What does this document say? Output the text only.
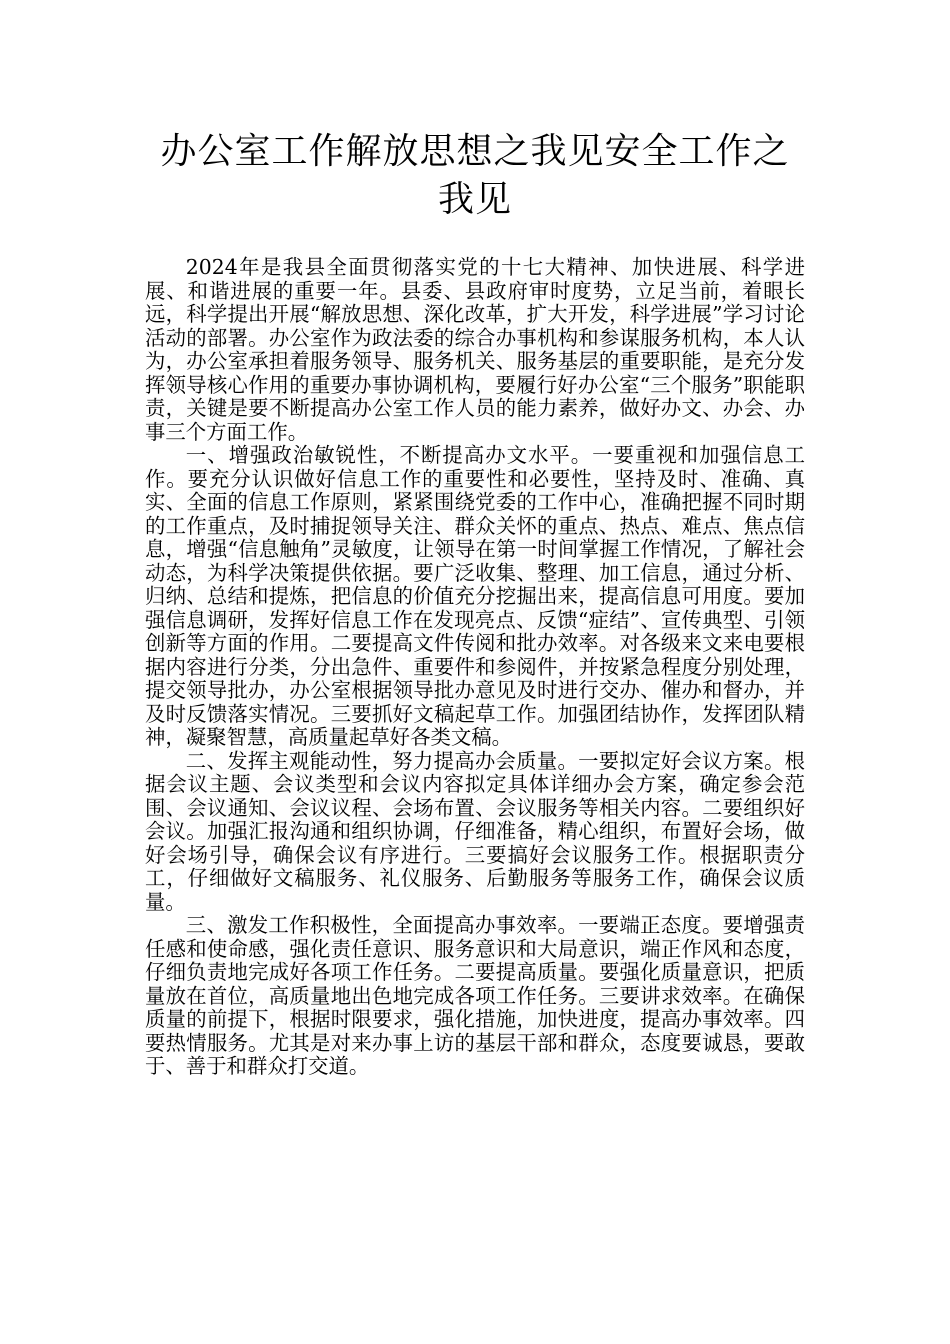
办公室工作解放思想之我见安全工作之我见

2024年是我县全面贯彻落实党的十七大精神、加快进展、科学进展、和谐进展的重要一年。县委、县政府审时度势，立足当前，着眼长远，科学提出开展“解放思想、深化改革，扩大开发，科学进展”学习讨论活动的部署。办公室作为政法委的综合办事机构和参谋服务机构，本人认为，办公室承担着服务领导、服务机关、服务基层的重要职能，是充分发挥领导核心作用的重要办事协调机构，要履行好办公室“三个服务”职能职责，关键是要不断提高办公室工作人员的能力素养，做好办文、办会、办事三个方面工作。

一、增强政治敏锐性，不断提高办文水平。一要重视和加强信息工作。要充分认识做好信息工作的重要性和必要性，坚持及时、准确、真实、全面的信息工作原则，紧紧围绕党委的工作中心，准确把握不同时期的工作重点，及时捕捉领导关注、群众关怀的重点、热点、难点、焦点信息，增强“信息触角”灵敏度，让领导在第一时间掌握工作情况，了解社会动态，为科学决策提供依据。要广泛收集、整理、加工信息，通过分析、归纳、总结和提炼，把信息的价值充分挖掘出来，提高信息可用度。要加强信息调研，发挥好信息工作在发现亮点、反馈“症结”、宣传典型、引领创新等方面的作用。二要提高文件传阅和批办效率。对各级来文来电要根据内容进行分类，分出急件、重要件和参阅件，并按紧急程度分别处理，提交领导批办，办公室根据领导批办意见及时进行交办、催办和督办，并及时反馈落实情况。三要抓好文稿起草工作。加强团结协作，发挥团队精神，凝聚智慧，高质量起草好各类文稿。

二、发挥主观能动性，努力提高办会质量。一要拟定好会议方案。根据会议主题、会议类型和会议内容拟定具体详细办会方案，确定参会范围、会议通知、会议议程、会场布置、会议服务等相关内容。二要组织好会议。加强汇报沟通和组织协调，仔细准备，精心组织，布置好会场，做好会场引导，确保会议有序进行。三要搞好会议服务工作。根据职责分工，仔细做好文稿服务、礼仪服务、后勤服务等服务工作，确保会议质量。

三、激发工作积极性，全面提高办事效率。一要端正态度。要增强责任感和使命感，强化责任意识、服务意识和大局意识，端正作风和态度，仔细负责地完成好各项工作任务。二要提高质量。要强化质量意识，把质量放在首位，高质量地出色地完成各项工作任务。三要讲求效率。在确保质量的前提下，根据时限要求，强化措施，加快进度，提高办事效率。四要热情服务。尤其是对来办事上访的基层干部和群众，态度要诚恳，要敢于、善于和群众打交道。
